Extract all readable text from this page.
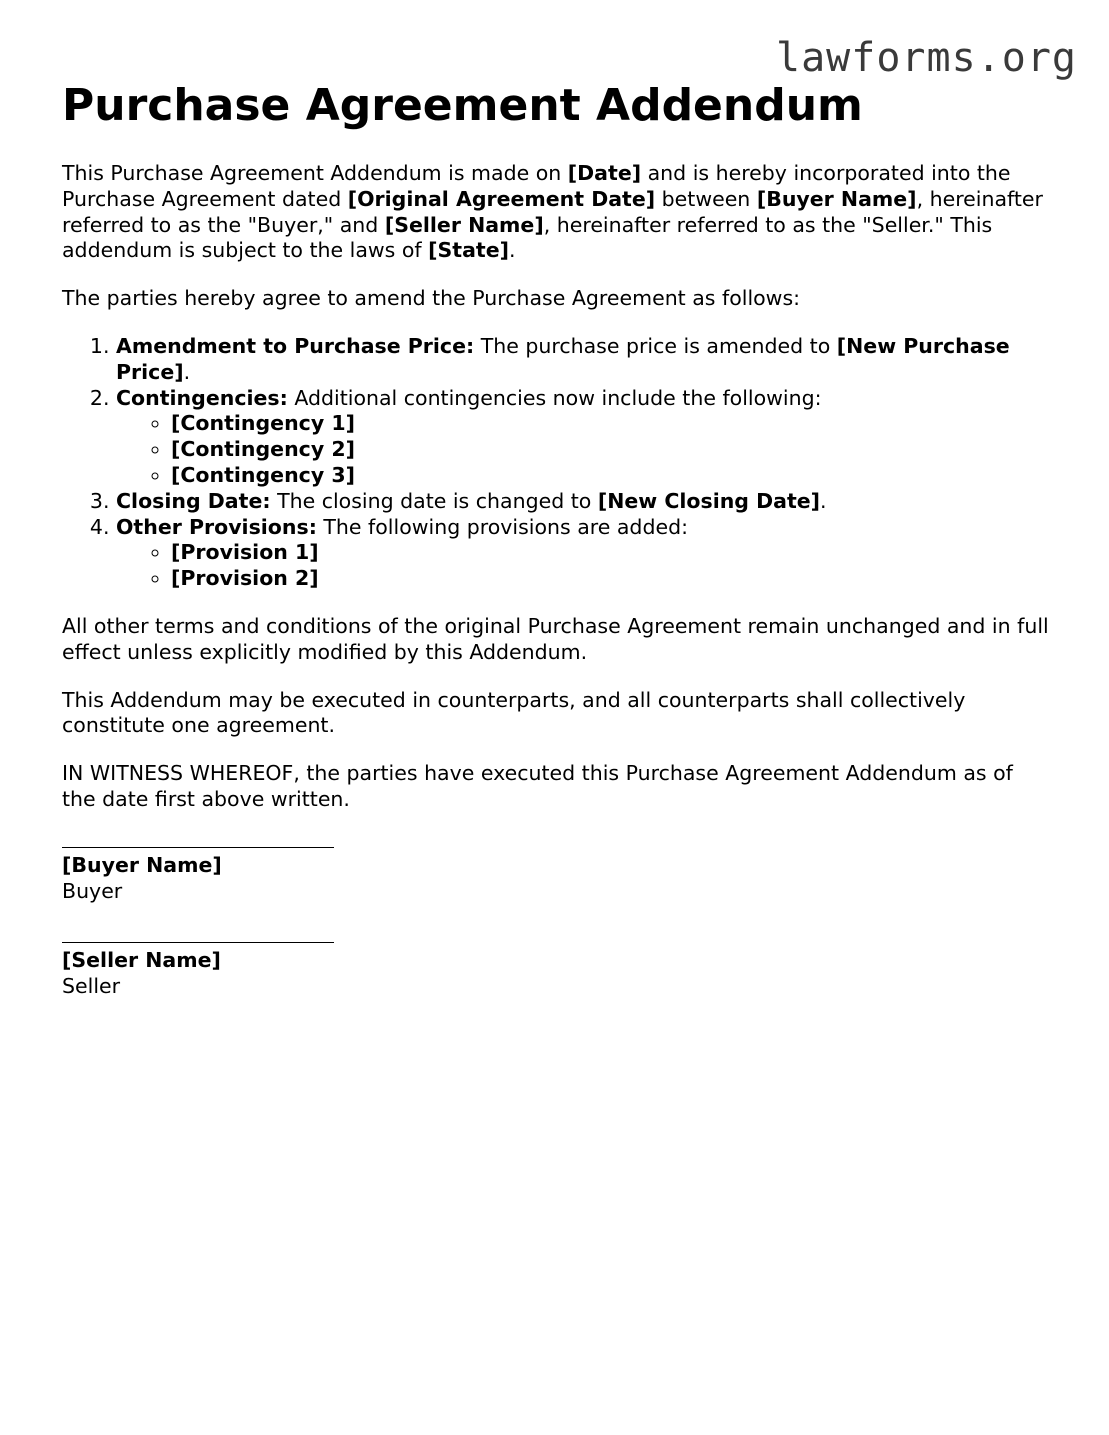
lawforms.org
Purchase Agreement Addendum

This Purchase Agreement Addendum is made on [Date] and is hereby incorporated into the Purchase Agreement dated [Original Agreement Date] between [Buyer Name], hereinafter referred to as the "Buyer," and [Seller Name], hereinafter referred to as the "Seller." This addendum is subject to the laws of [State].

The parties hereby agree to amend the Purchase Agreement as follows:

1. Amendment to Purchase Price: The purchase price is amended to [New Purchase Price].
2. Contingencies: Additional contingencies now include the following:
◦ [Contingency 1]
◦ [Contingency 2]
◦ [Contingency 3]
3. Closing Date: The closing date is changed to [New Closing Date].
4. Other Provisions: The following provisions are added:
◦ [Provision 1]
◦ [Provision 2]

All other terms and conditions of the original Purchase Agreement remain unchanged and in full effect unless explicitly modified by this Addendum.

This Addendum may be executed in counterparts, and all counterparts shall collectively constitute one agreement.

IN WITNESS WHEREOF, the parties have executed this Purchase Agreement Addendum as of the date first above written.

[Buyer Name]
Buyer
[Seller Name]
Seller
